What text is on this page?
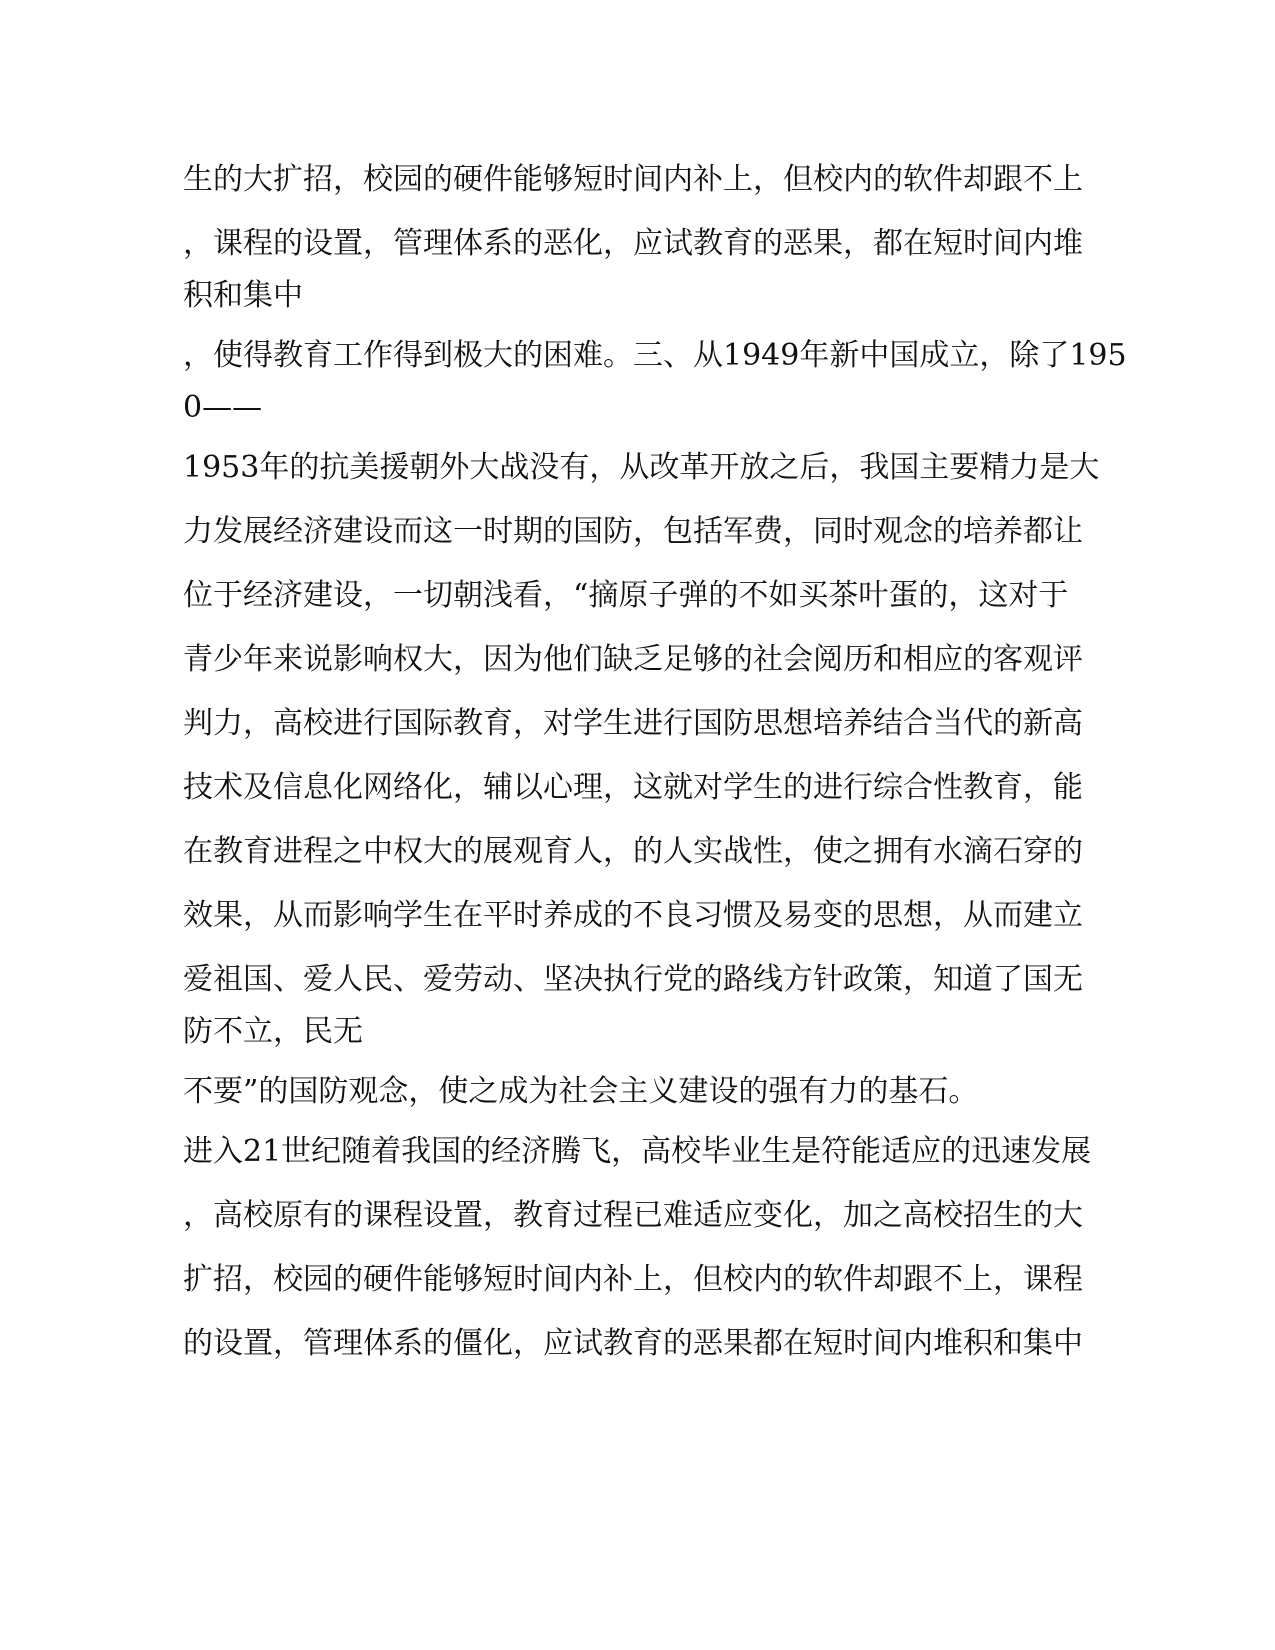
生的大扩招，校园的硬件能够短时间内补上，但校内的软件却跟不上
，课程的设置，管理体系的恶化，应试教育的恶果，都在短时间内堆
积和集中
，使得教育工作得到极大的困难。三、从1949年新中国成立，除了195
0——
1953年的抗美援朝外大战没有，从改革开放之后，我国主要精力是大
力发展经济建设而这一时期的国防，包括军费，同时观念的培养都让
位于经济建设，一切朝浅看，“摘原子弹的不如买茶叶蛋的，这对于
青少年来说影响权大，因为他们缺乏足够的社会阅历和相应的客观评
判力，高校进行国际教育，对学生进行国防思想培养结合当代的新高
技术及信息化网络化，辅以心理，这就对学生的进行综合性教育，能
在教育进程之中权大的展观育人，的人实战性，使之拥有水滴石穿的
效果，从而影响学生在平时养成的不良习惯及易变的思想，从而建立
爱祖国、爱人民、爱劳动、坚决执行党的路线方针政策，知道了国无
防不立，民无
不要”的国防观念，使之成为社会主义建设的强有力的基石。
进入21世纪随着我国的经济腾飞，高校毕业生是符能适应的迅速发展
，高校原有的课程设置，教育过程已难适应变化，加之高校招生的大
扩招，校园的硬件能够短时间内补上，但校内的软件却跟不上，课程
的设置，管理体系的僵化，应试教育的恶果都在短时间内堆积和集中
